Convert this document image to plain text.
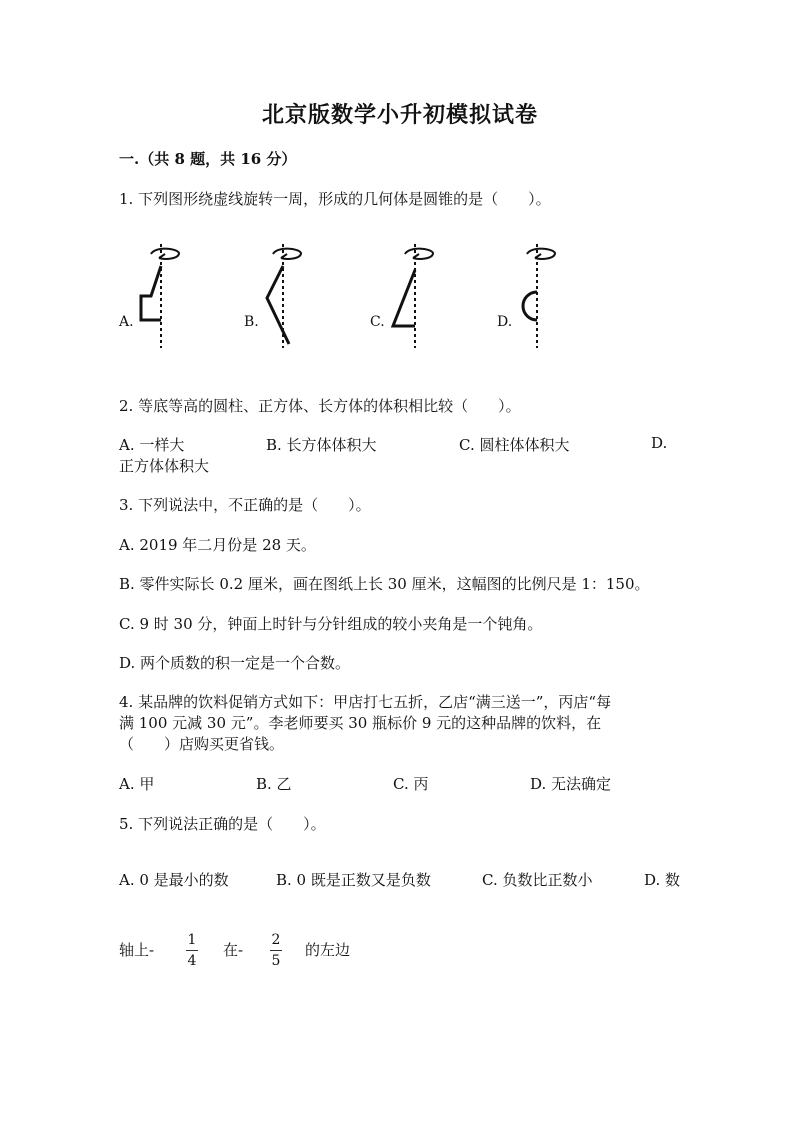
北京版数学小升初模拟试卷
一.（共 8 题，共 16 分）
1. 下列图形绕虚线旋转一周，形成的几何体是圆锥的是（　　）。
A.	B.	C.	D.
2. 等底等高的圆柱、正方体、长方体的体积相比较（　　）。
A. 一样大	B. 长方体体积大	C. 圆柱体体积大	D.
正方体体积大
3. 下列说法中，不正确的是（　　）。
A. 2019 年二月份是 28 天。
B. 零件实际长 0.2 厘米，画在图纸上长 30 厘米，这幅图的比例尺是 1：150。
C. 9 时 30 分，钟面上时针与分针组成的较小夹角是一个钝角。
D. 两个质数的积一定是一个合数。
4. 某品牌的饮料促销方式如下：甲店打七五折，乙店“满三送一”，丙店“每
满 100 元减 30 元”。李老师要买 30 瓶标价 9 元的这种品牌的饮料，在
（　　）店购买更省钱。
A. 甲	B. 乙	C. 丙	D. 无法确定
5. 下列说法正确的是（　　）。
A. 0 是最小的数	B. 0 既是正数又是负数	C. 负数比正数小	D. 数
轴上-
1
4
在-
2
5
的左边
